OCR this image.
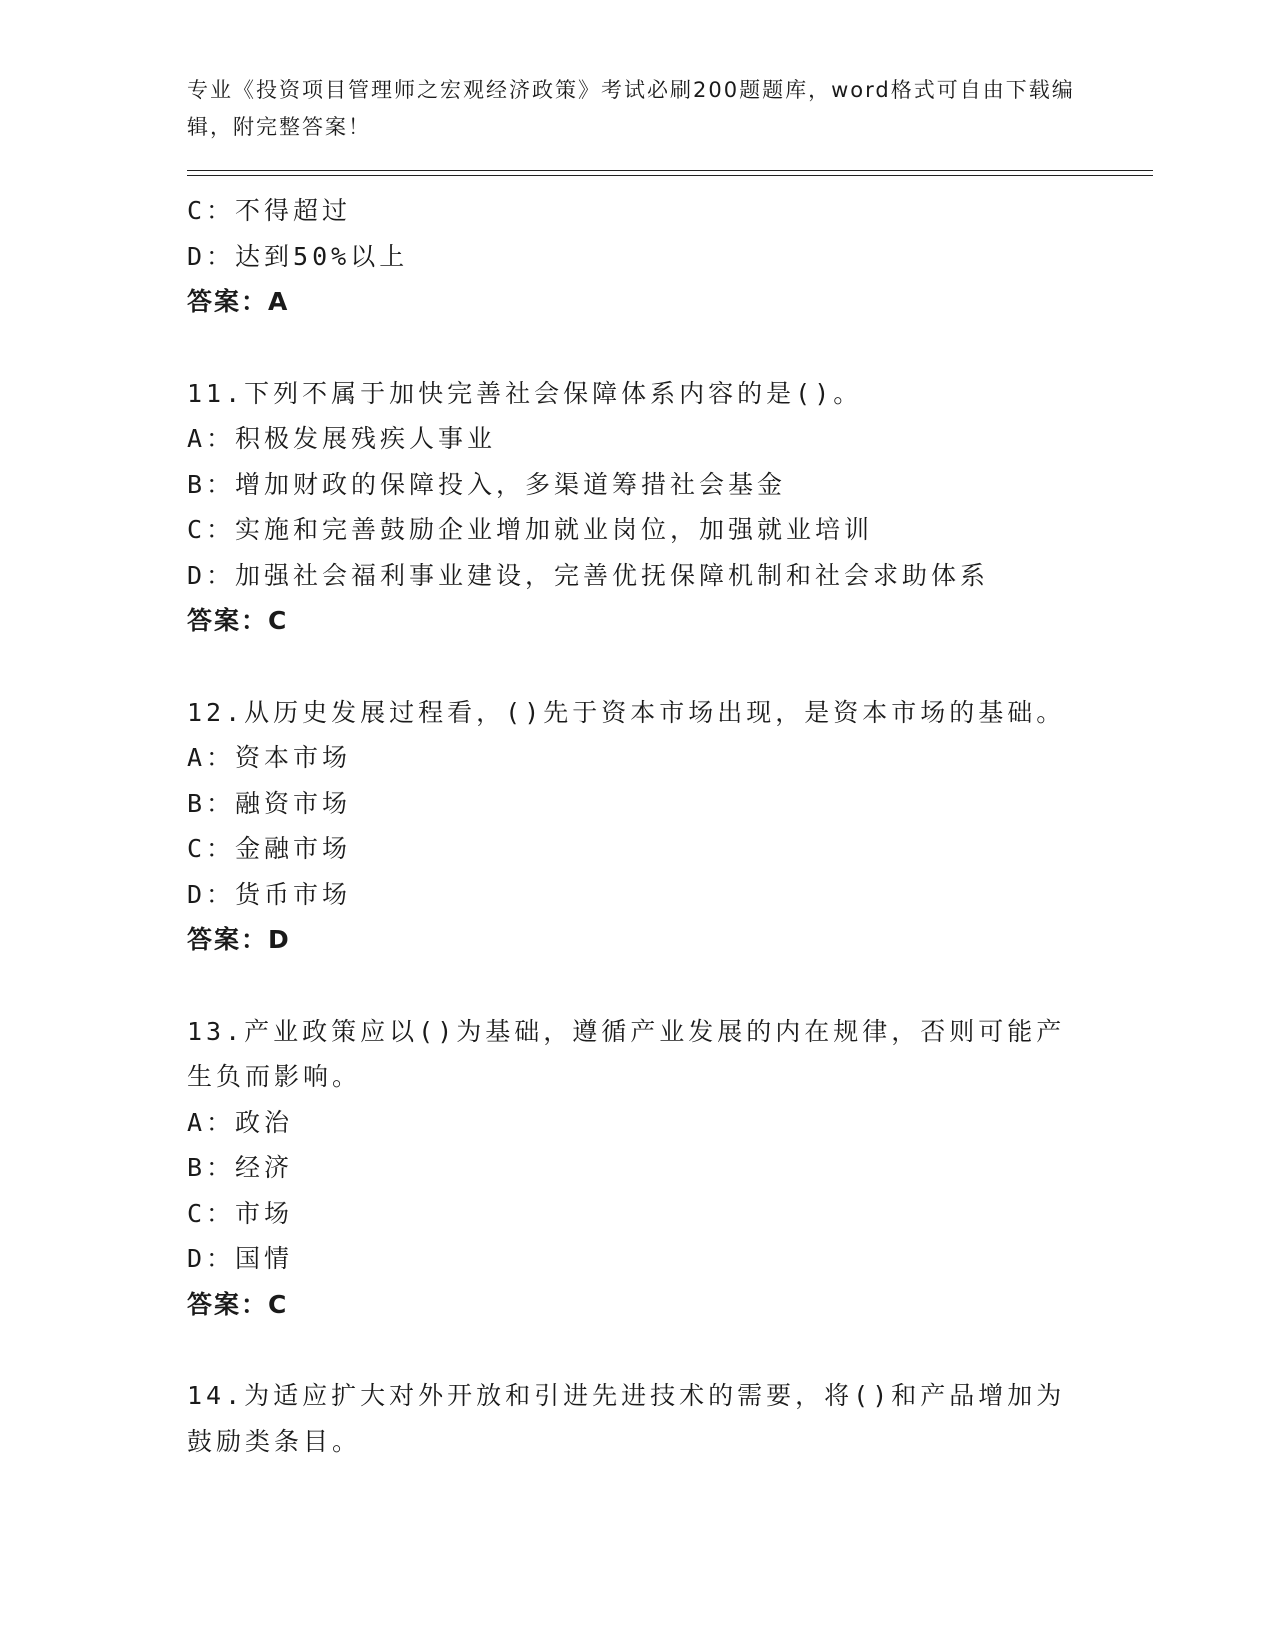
专业《投资项目管理师之宏观经济政策》考试必刷200题题库，word格式可自由下载编辑，附完整答案！
C：不得超过
D：达到50%以上
答案：A
11.下列不属于加快完善社会保障体系内容的是()。
A：积极发展残疾人事业
B：增加财政的保障投入，多渠道筹措社会基金
C：实施和完善鼓励企业增加就业岗位，加强就业培训
D：加强社会福利事业建设，完善优抚保障机制和社会求助体系
答案：C
12.从历史发展过程看，()先于资本市场出现，是资本市场的基础。
A：资本市场
B：融资市场
C：金融市场
D：货币市场
答案：D
13.产业政策应以()为基础，遵循产业发展的内在规律，否则可能产生负而影响。
A：政治
B：经济
C：市场
D：国情
答案：C
14.为适应扩大对外开放和引进先进技术的需要，将()和产品增加为鼓励类条目。
